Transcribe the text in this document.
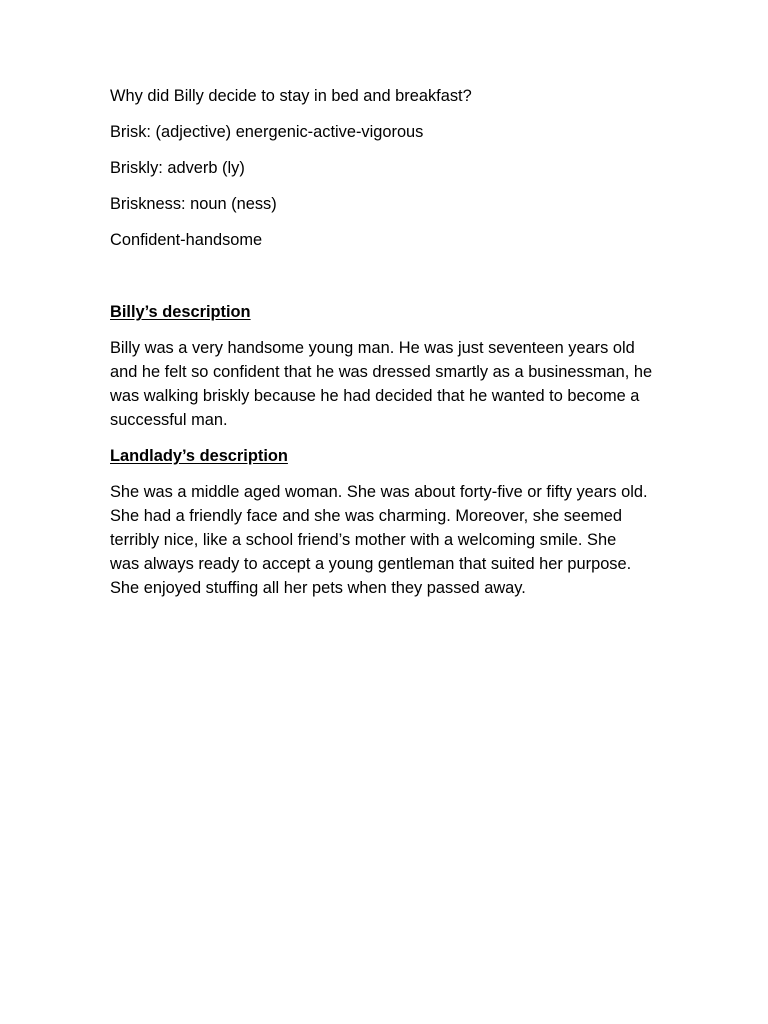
Why did Billy decide to stay in bed and breakfast?

Brisk: (adjective) energenic-active-vigorous

Briskly: adverb (ly)

Briskness: noun (ness)

Confident-handsome

Billy’s description

Billy was a very handsome young man. He was just seventeen years old
and he felt so confident that he was dressed smartly as a businessman, he
was walking briskly because he had decided that he wanted to become a
successful man.

Landlady’s description

She was a middle aged woman. She was about forty-five or fifty years old.
She had a friendly face and she was charming. Moreover, she seemed
terribly nice, like a school friend’s mother with a welcoming smile. She
was always ready to accept a young gentleman that suited her purpose.
She enjoyed stuffing all her pets when they passed away.
